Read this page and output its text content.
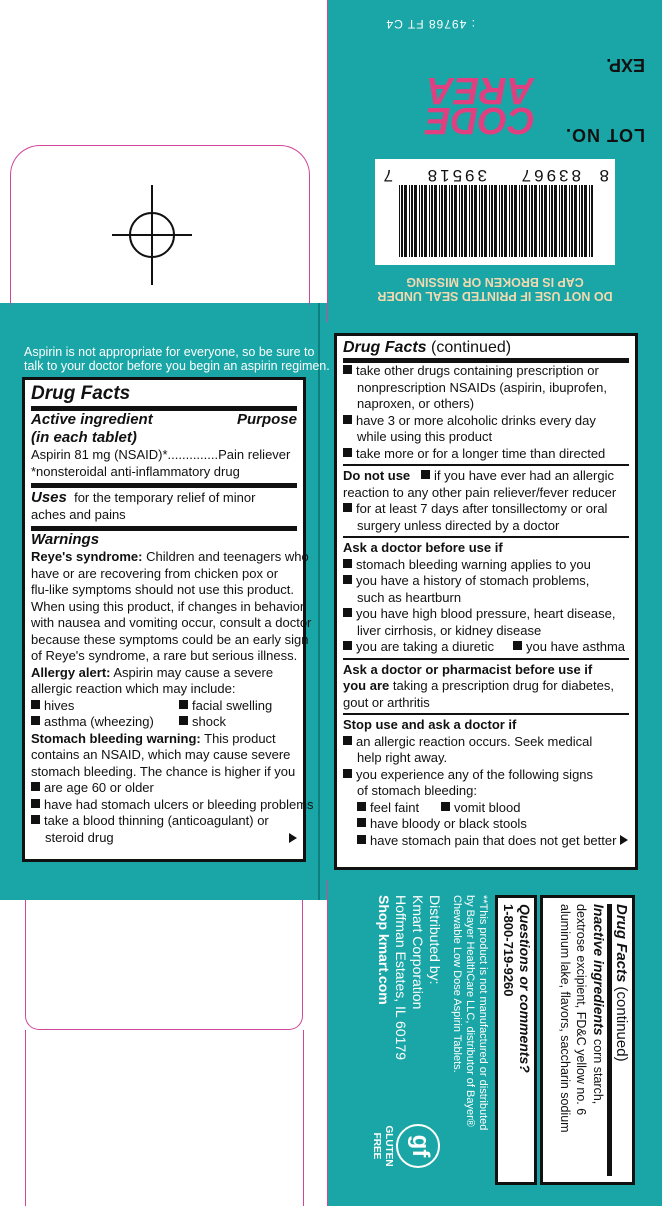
DO NOT USE IF PRINTED SEAL UNDER
CAP IS BROKEN OR MISSING
8
83967
39518
7
LOT NO.
CODE
AREA
EXP.
: 49768 FT C4
Aspirin is not appropriate for everyone, so be sure to
talk to your doctor before you begin an aspirin regimen.
Drug Facts
Active ingredient
(in each tablet)
Purpose
Aspirin 81 mg (NSAID)*..............Pain reliever
*nonsteroidal anti-inflammatory drug
Uses for the temporary relief of minor
aches and pains
Warnings
Reye's syndrome: Children and teenagers who
have or are recovering from chicken pox or
flu-like symptoms should not use this product.
When using this product, if changes in behavior
with nausea and vomiting occur, consult a doctor
because these symptoms could be an early sign
of Reye's syndrome, a rare but serious illness.
Allergy alert: Aspirin may cause a severe
allergic reaction which may include:
hives	facial swelling
asthma (wheezing)	shock
Stomach bleeding warning: This product
contains an NSAID, which may cause severe
stomach bleeding. The chance is higher if you
are age 60 or older
have had stomach ulcers or bleeding problems
take a blood thinning (anticoagulant) or
steroid drug
Drug Facts (continued)
take other drugs containing prescription or
nonprescription NSAIDs (aspirin, ibuprofen,
naproxen, or others)
have 3 or more alcoholic drinks every day
while using this product
take more or for a longer time than directed
Do not use if you have ever had an allergic
reaction to any other pain reliever/fever reducer
for at least 7 days after tonsillectomy or oral
surgery unless directed by a doctor
Ask a doctor before use if
stomach bleeding warning applies to you
you have a history of stomach problems,
such as heartburn
you have high blood pressure, heart disease,
liver cirrhosis, or kidney disease
you are taking a diuretic you have asthma
Ask a doctor or pharmacist before use if
you are taking a prescription drug for diabetes,
gout or arthritis
Stop use and ask a doctor if
an allergic reaction occurs. Seek medical
help right away.
you experience any of the following signs
of stomach bleeding:
feel faint	vomit blood
have bloody or black stools
have stomach pain that does not get better
Drug Facts (continued)
Inactive ingredients corn starch,
dextrose excipient, FD&C yellow no. 6
aluminum lake, flavors, saccharin sodium
Questions or comments?
1-800-719-9260
**This product is not manufactured or distributed
by Bayer HealthCare LLC, distributor of Bayer®
Chewable Low Dose Aspirin Tablets.
Distributed by:
Kmart Corporation
Hoffman Estates, IL 60179
Shop kmart.com
gf
GLUTEN
FREE
